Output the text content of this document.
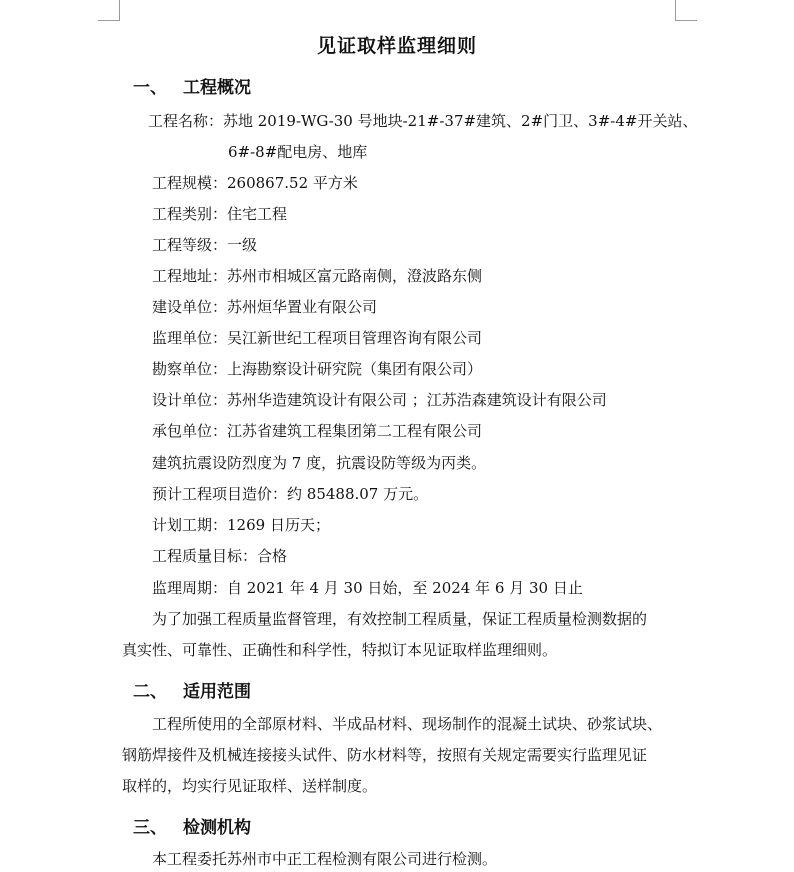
见证取样监理细则
一、 工程概况
工程名称：苏地 2019-WG-30 号地块-21#-37#建筑、2#门卫、3#-4#开关站、
6#-8#配电房、地库
工程规模：260867.52 平方米
工程类别：住宅工程
工程等级：一级
工程地址：苏州市相城区富元路南侧，澄波路东侧
建设单位：苏州烜华置业有限公司
监理单位：吴江新世纪工程项目管理咨询有限公司
勘察单位：上海勘察设计研究院（集团有限公司）
设计单位：苏州华造建筑设计有限公司 ；江苏浩森建筑设计有限公司
承包单位：江苏省建筑工程集团第二工程有限公司
建筑抗震设防烈度为 7 度，抗震设防等级为丙类。
预计工程项目造价：约 85488.07 万元。
计划工期：1269 日历天；
工程质量目标：合格
监理周期：自 2021 年 4 月 30 日始，至 2024 年 6 月 30 日止
为了加强工程质量监督管理，有效控制工程质量，保证工程质量检测数据的
真实性、可靠性、正确性和科学性，特拟订本见证取样监理细则。
二、 适用范围
工程所使用的全部原材料、半成品材料、现场制作的混凝土试块、砂浆试块、
钢筋焊接件及机械连接接头试件、防水材料等，按照有关规定需要实行监理见证
取样的，均实行见证取样、送样制度。
三、 检测机构
本工程委托苏州市中正工程检测有限公司进行检测。
